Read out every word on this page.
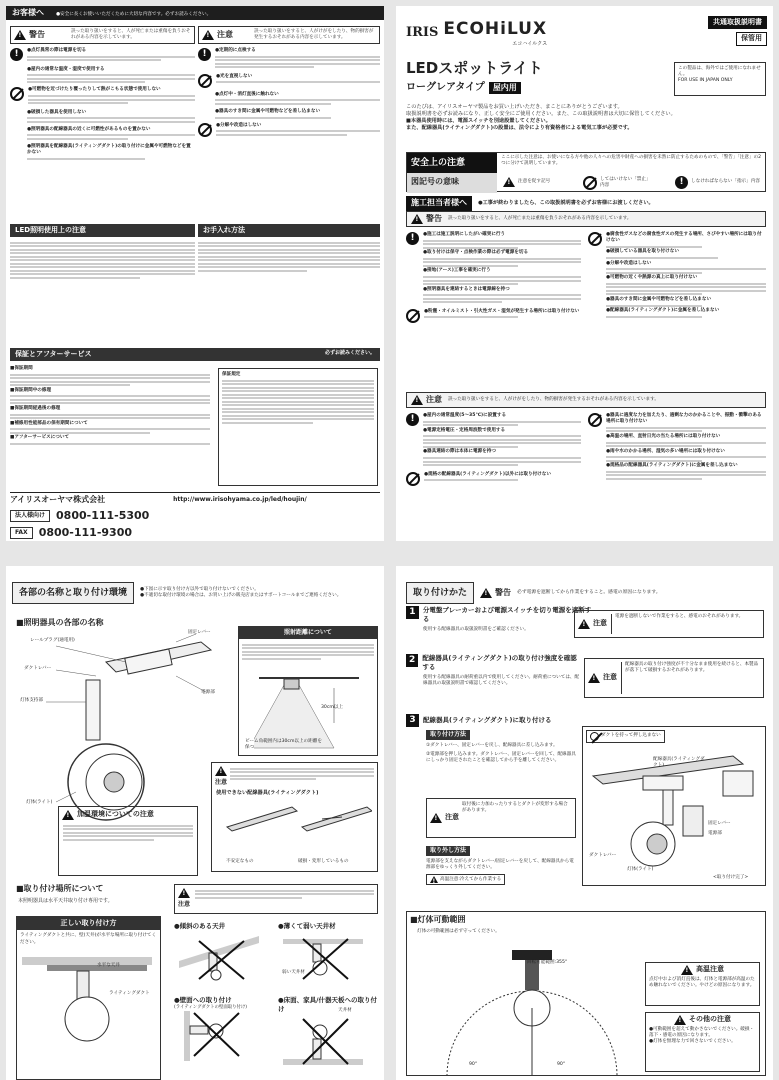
お客様へ	●安全に長くお使いいただくために大切な内容です。必ずお読みください。
!
警告	誤った取り扱いをすると、人が死亡または重傷を負うおそれがある内容を示しています。 !	注意	誤った取り扱いをすると、人がけがをしたり、物的損害が発生するおそれがある内容を示しています。
!	●点灯異常の際は電源を切る
●屋内の通常な温度・湿度で使用する
●可燃物を近づけたり覆ったりして熱がこもる状態で使用しない
●破損した器具を使用しない
●照明器具の配線器具の近くに可燃性があるものを置かない
●照明器具を配線器具(ライティングダクト)の取り付けに金属や可燃物などを置かない
!	●定期的に点検する
●光を直視しない
●点灯中・消灯直後に触れない
●器具のすき間に金属や可燃物などを差し込まない
●分解や改造はしない
LED照明使用上の注意	お手入れ方法
保証とアフターサービス	必ずお読みください。
■保証期間
■保証期間中の修理
■保証期間経過後の修理
■補修用性能部品の保有期間について
■アフターサービスについて
保証規定
アイリスオーヤマ株式会社	http://www.irisohyama.co.jp/led/houjin/
法人様向け	0800-111-5300
FAX	0800-111-9300
IRIS ECOHiLUX
エコハイルクス
共通取扱説明書
保管用
この製品は、海外ではご使用になれません。
FOR USE IN JAPAN ONLY
LEDスポットライト
ローグレアタイプ	屋内用
このたびは、アイリスオーヤマ製品をお買い上げいただき、まことにありがとうございます。
取扱説明書を必ずお読みになり、正しく安全にご使用ください。また、この取扱説明書は大切に保管してください。
■本器具使用時には、電源スイッチを別途設置してください。
また、配線器具(ライティングダクト)の設置は、法令により有資格者による電気工事が必要です。
安全上の注意
ここに示した注意は、お使いになる方や他の人々への危害や財産への損害を未然に防止するためのもので、「警告」「注意」の2つに分けて説明しています。
図記号の意味 !	注意を促す記号	してはいけない「禁止」内容	!	しなければならない「指示」内容
施工担当者様へ	●工事が終わりましたら、この取扱説明書を必ずお客様にお渡しください。
!
警告 誤った取り扱いをすると、人が死亡または重傷を負うおそれがある内容を示しています。
!	●施工は施工説明にしたがい確実に行う
●取り付けは保守・点検作業の際は必ず電源を切る
●接地(アース)工事を確実に行う
●照明器具を連結するときは電源線を持つ
●粉塵・オイルミスト・引火性ガス・湿気が発生する場所には取り付けない
●腐食性ガスなどの腐食性ガスの発生する場所、さびやすい場所には取り付けない
●破損している器具を取り付けない
●分解や改造はしない
●可燃物の近くや熱源の真上に取り付けない
●器具のすき間に金属や可燃物などを差し込まない
●配線器具(ライティングダクト)に金属を差し込まない
!
注意 誤った取り扱いをすると、人がけがをしたり、物的損害が発生するおそれがある内容を示しています。
!	●屋内の通常温度(5〜35℃)に設置する
●電源定格電圧・定格周波数で使用する
●器具連結の際は本体に電源を持つ
●規格の配線器具(ライティングダクト)以外には取り付けない
●器具に過度な力を加えたり、過剰な力のかかることや、振動・衝撃のある場所に取り付けない
●高温の場所、直射日光の当たる場所には取り付けない
●雨や水のかかる場所、湿気の多い場所には取り付けない
●規格品の配線器具(ライティングダクト)に金属を差し込まない
各部の名称と取り付け環境	●下図に示す取り付け方以外で取り付けないでください。
●不適切な取付け環境の場合は、お買い上げの販売店またはサポートコールまでご連絡ください。
■照明器具の各部の名称
レールプラグ(通電用)
固定レバー
ダクトレバー
電源部
灯体支持部
灯体(ライト)
照射距離について
30cm以上
ビーム角範囲内は30cm以上の距離を保つ
!
加温環境についての注意
!
注意
使用できない配線器具(ライティングダクト)
不安定なもの	破損・変形しているもの
■取り付け場所について
本照明器具は水平天井取り付け専用です。
!	注意
正しい取り付け方
ライティングダクトと共に、壁(天井)が水平な場所に取り付けてください。
水平な天井
ライティングダクト
●傾斜のある天井	●薄くて弱い天井材
弱い天井材
●壁面への取り付け
(ライティングダクトの壁面取り付け)
●床面、家具/什器天板への取り付け	天井材
取り付けかた !	警告 必ず電源を遮断してから作業をすること。感電の原因になります。
1	分電盤ブレーカーおよび電源スイッチを切り電源を遮断する
使用する配線器具の取扱説明書をご確認ください。
!
注意
電源を遮断しないで作業をすると、感電のおそれがあります。
2	配線器具(ライティングダクト)の取り付け強度を確認する
使用する配線器具の耐荷重以内で使用してください。耐荷重については、配線器具の取扱説明書で確認してください。
!
注意
配線器具の取り付け強度が不十分なまま使用を続けると、本製品が落下して破損するおそれがあります。
3	配線器具(ライティングダクト)に取り付ける
取り付け方法
①ダクトレバー、固定レバーを戻し、配線器具に差し込みます。
②電源部を押し込みます。ダクトレバー、固定レバーを回して、配線器具にしっかり固定されたことを確認してから手を離してください。
!
注意
取付後に力加わったりするとダクトが変形する場合があります。
取り外し方法
電源部を支えながらダクトレバー/固定レバーを戻して、配線器具から電源部をゆっくり外してください。
!
高温注意:冷えてから作業する
ダクトを持って押し込まない

配線器具(ライティングダクト)
固定レバー
ダクトレバー
電源部
灯体(ライト)
<取り付け完了>
■灯体可動範囲
灯体の可動範囲は必ず守ってください。
回転可能範囲:355°
90°	90°
!
高温注意
点灯中および消灯直後は、灯体と電源部が高温のため触れないでください。やけどの原因になります。
!
その他の注意
●可動範囲を超えて動かさないでください。破損・落下・感電の原因になります。
●灯体を無理な力で回さないでください。
